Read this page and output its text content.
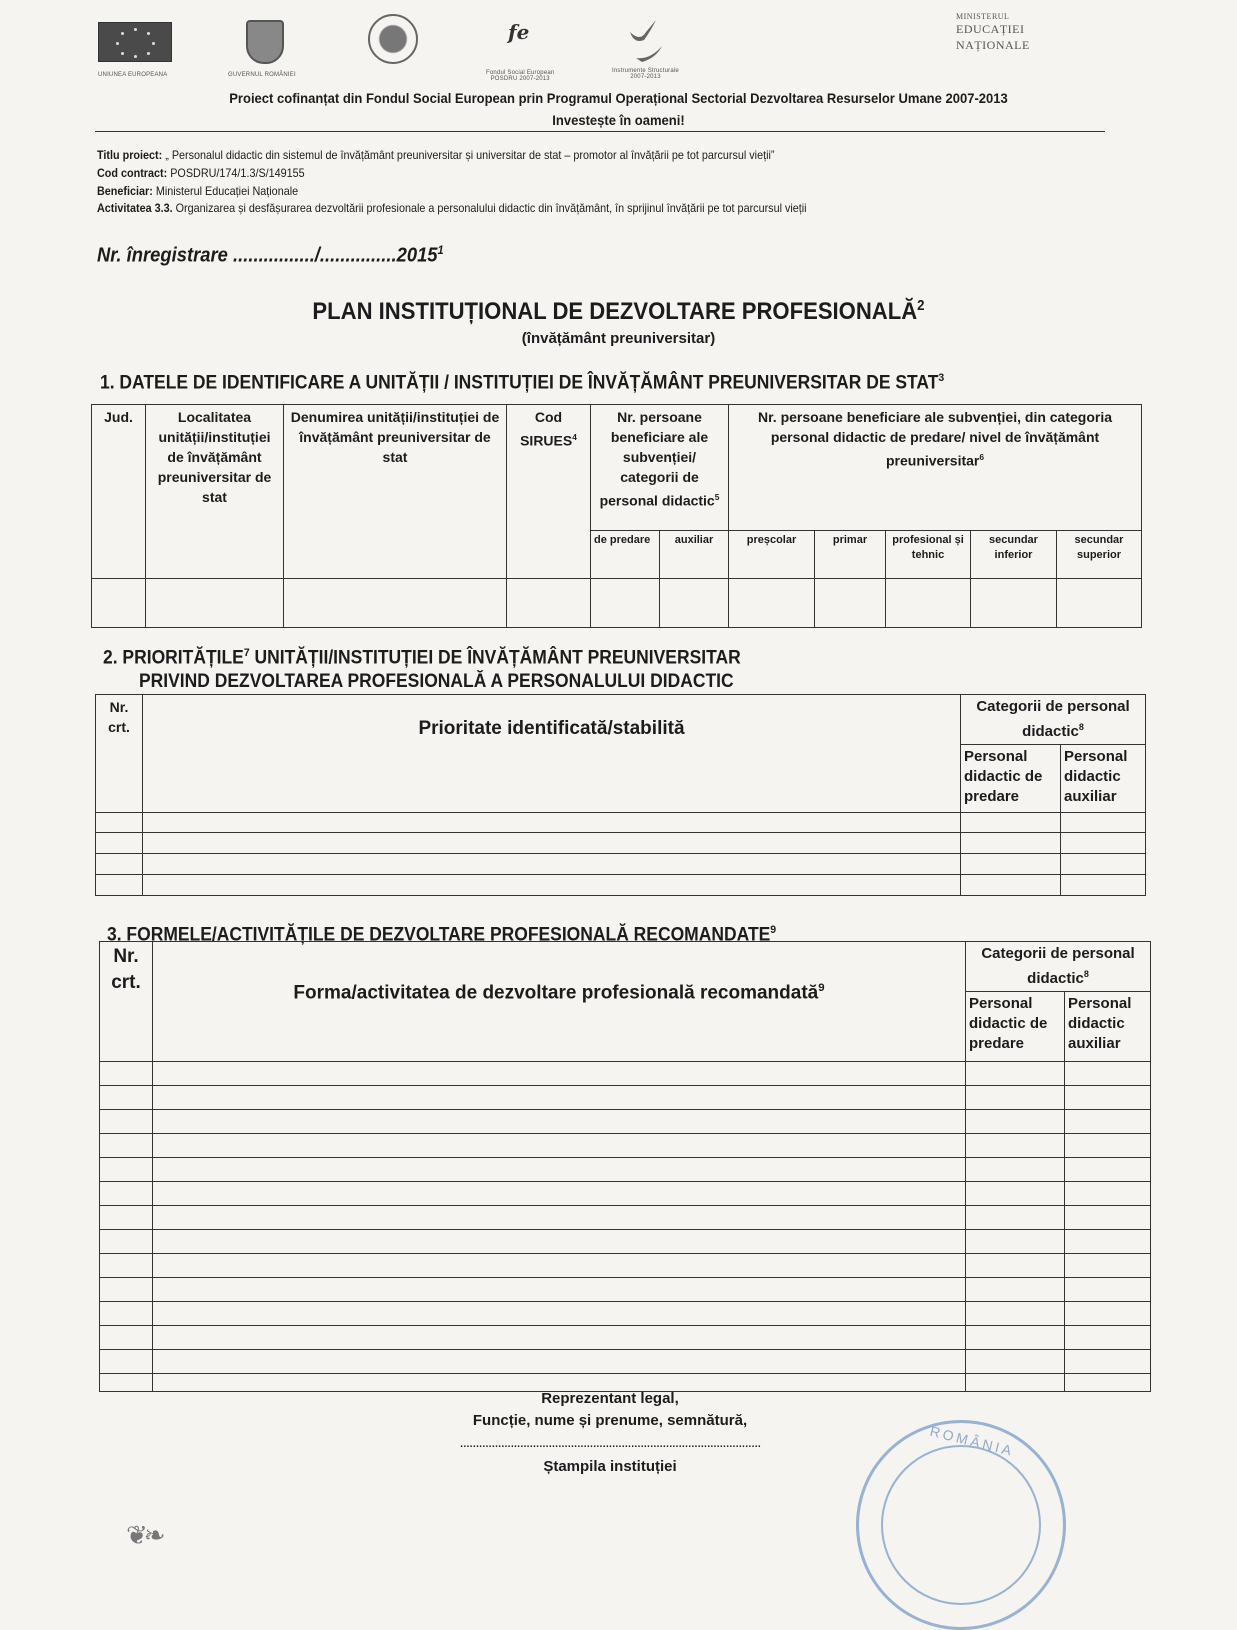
UNIUNEA EUROPEANA	GUVERNUL ROMÂNIEI
fe
Fondul Social European
POSDRU 2007-2013
Instrumente Structurale
2007-2013
MINISTERUL
EDUCAȚIEI
NAȚIONALE
Proiect cofinanțat din Fondul Social European prin Programul Operațional Sectorial Dezvoltarea Resurselor Umane 2007-2013
Investește în oameni!
Titlu proiect: „ Personalul didactic din sistemul de învățământ preuniversitar și universitar de stat – promotor al învățării pe tot parcursul vieții”
Cod contract: POSDRU/174/1.3/S/149155
Beneficiar: Ministerul Educației Naționale
Activitatea 3.3. Organizarea și desfășurarea dezvoltării profesionale a personalului didactic din învățământ, în sprijinul învățării pe tot parcursul vieții
Nr. înregistrare ................/...............2015$^1$
PLAN INSTITUȚIONAL DE DEZVOLTARE PROFESIONALĂ$^2$
(învățământ preuniversitar)
1. DATELE DE IDENTIFICARE A UNITĂȚII / INSTITUȚIEI DE ÎNVĂȚĂMÂNT PREUNIVERSITAR DE STAT$^3$
Jud.	Localitatea unității/instituției de învățământ preuniversitar de stat	Denumirea unității/instituției de învățământ preuniversitar de stat	Cod SIRUES$^4$	Nr. persoane beneficiare ale subvenției/ categorii de personal didactic$^5$		Nr. persoane beneficiare ale subvenției, din categoria personal didactic de predare/ nivel de învățământ preuniversitar$^6$
				de predare	auxiliar	preșcolar	primar	profesional și tehnic	secundar inferior	secundar superior

2. PRIORITĂȚILE$^7$ UNITĂȚII/INSTITUȚIEI DE ÎNVĂȚĂMÂNT PREUNIVERSITAR
PRIVIND DEZVOLTAREA PROFESIONALĂ A PERSONALULUI DIDACTIC
Nr. crt.	Prioritate identificată/stabilită	Categorii de personal didactic$^8$
		Personal didactic de predare	Personal didactic auxiliar

3. FORMELE/ACTIVITĂȚILE DE DEZVOLTARE PROFESIONALĂ RECOMANDATE$^9$
Nr. crt.	Forma/activitatea de dezvoltare profesională recomandată$^9$	Categorii de personal didactic$^8$
		Personal didactic de predare	Personal didactic auxiliar

Reprezentant legal,
Funcție, nume și prenume, semnătură,
...............................................................................................
Ștampila instituției
ROMÂNIA
❦❧
